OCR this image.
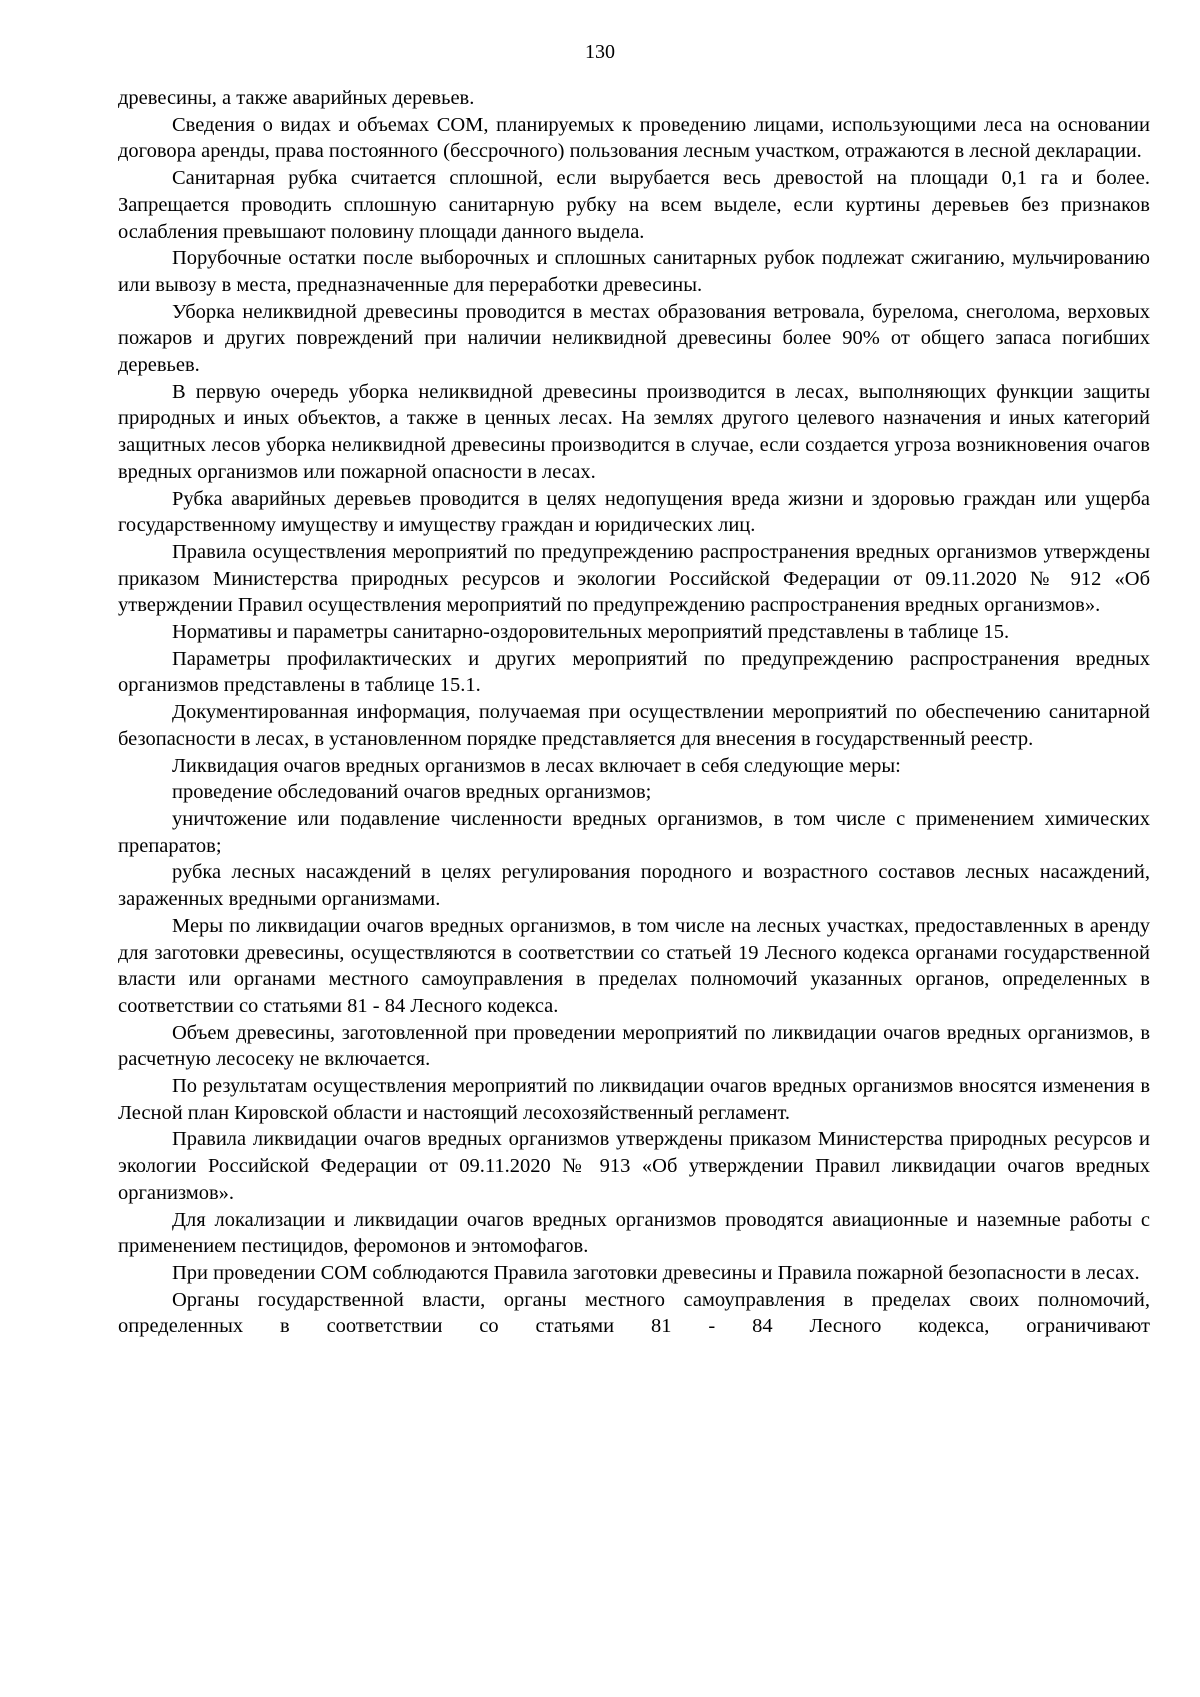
130

древесины, а также аварийных деревьев.

Сведения о видах и объемах СОМ, планируемых к проведению лицами, использующими леса на основании договора аренды, права постоянного (бессрочного) пользования лесным участком, отражаются в лесной декларации.

Санитарная рубка считается сплошной, если вырубается весь древостой на площади 0,1 га и более. Запрещается проводить сплошную санитарную рубку на всем выделе, если куртины деревьев без признаков ослабления превышают половину площади данного выдела.

Порубочные остатки после выборочных и сплошных санитарных рубок подлежат сжиганию, мульчированию или вывозу в места, предназначенные для переработки древесины.

Уборка неликвидной древесины проводится в местах образования ветровала, бурелома, снеголома, верховых пожаров и других повреждений при наличии неликвидной древесины более 90% от общего запаса погибших деревьев.

В первую очередь уборка неликвидной древесины производится в лесах, выполняющих функции защиты природных и иных объектов, а также в ценных лесах. На землях другого целевого назначения и иных категорий защитных лесов уборка неликвидной древесины производится в случае, если создается угроза возникновения очагов вредных организмов или пожарной опасности в лесах.

Рубка аварийных деревьев проводится в целях недопущения вреда жизни и здоровью граждан или ущерба государственному имуществу и имуществу граждан и юридических лиц.

Правила осуществления мероприятий по предупреждению распространения вредных организмов утверждены приказом Министерства природных ресурсов и экологии Российской Федерации от 09.11.2020 № 912 «Об утверждении Правил осуществления мероприятий по предупреждению распространения вредных организмов».

Нормативы и параметры санитарно-оздоровительных мероприятий представлены в таблице 15.

Параметры профилактических и других мероприятий по предупреждению распространения вредных организмов представлены в таблице 15.1.

Документированная информация, получаемая при осуществлении мероприятий по обеспечению санитарной безопасности в лесах, в установленном порядке представляется для внесения в государственный реестр.

Ликвидация очагов вредных организмов в лесах включает в себя следующие меры:

проведение обследований очагов вредных организмов;

уничтожение или подавление численности вредных организмов, в том числе с применением химических препаратов;

рубка лесных насаждений в целях регулирования породного и возрастного составов лесных насаждений, зараженных вредными организмами.

Меры по ликвидации очагов вредных организмов, в том числе на лесных участках, предоставленных в аренду для заготовки древесины, осуществляются в соответствии со статьей 19 Лесного кодекса органами государственной власти или органами местного самоуправления в пределах полномочий указанных органов, определенных в соответствии со статьями 81 - 84 Лесного кодекса.

Объем древесины, заготовленной при проведении мероприятий по ликвидации очагов вредных организмов, в расчетную лесосеку не включается.

По результатам осуществления мероприятий по ликвидации очагов вредных организмов вносятся изменения в Лесной план Кировской области и настоящий лесохозяйственный регламент.

Правила ликвидации очагов вредных организмов утверждены приказом Министерства природных ресурсов и экологии Российской Федерации от 09.11.2020 № 913 «Об утверждении Правил ликвидации очагов вредных организмов».

Для локализации и ликвидации очагов вредных организмов проводятся авиационные и наземные работы с применением пестицидов, феромонов и энтомофагов.

При проведении СОМ соблюдаются Правила заготовки древесины и Правила пожарной безопасности в лесах.

Органы государственной власти, органы местного самоуправления в пределах своих полномочий, определенных в соответствии со статьями 81 - 84 Лесного кодекса, ограничивают
